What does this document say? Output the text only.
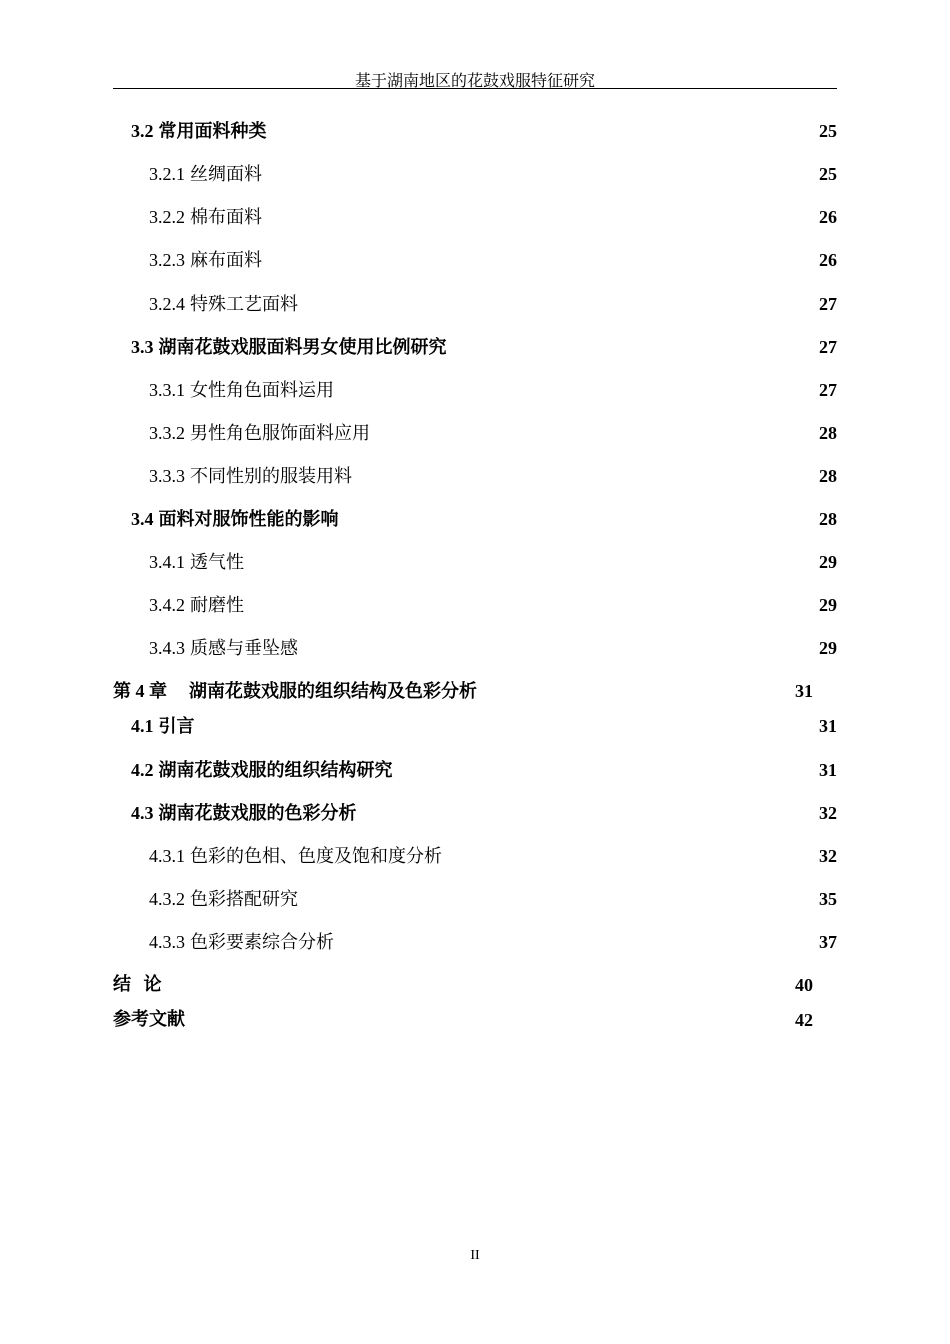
基于湖南地区的花鼓戏服特征研究
3.2 常用面料种类	25
3.2.1 丝绸面料	25
3.2.2 棉布面料	26
3.2.3 麻布面料	26
3.2.4 特殊工艺面料	27
3.3 湖南花鼓戏服面料男女使用比例研究	27
3.3.1 女性角色面料运用	27
3.3.2 男性角色服饰面料应用	28
3.3.3 不同性别的服装用料	28
3.4 面料对服饰性能的影响	28
3.4.1 透气性	29
3.4.2 耐磨性	29
3.4.3 质感与垂坠感	29
第 4 章 湖南花鼓戏服的组织结构及色彩分析	31
4.1 引言	31
4.2 湖南花鼓戏服的组织结构研究	31
4.3 湖南花鼓戏服的色彩分析	32
4.3.1 色彩的色相、色度及饱和度分析	32
4.3.2 色彩搭配研究	35
4.3.3 色彩要素综合分析	37
结  论	40
参考文献	42
II
